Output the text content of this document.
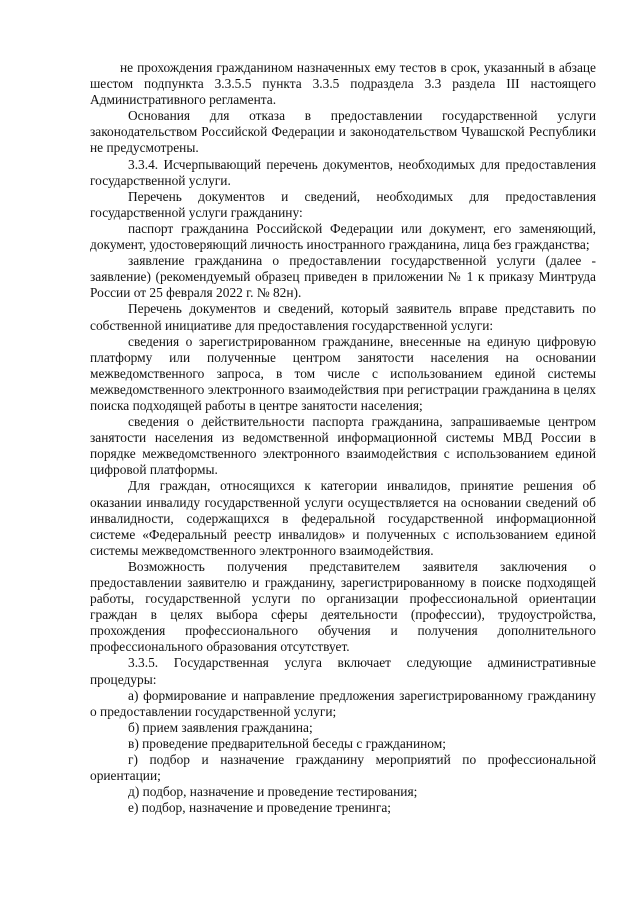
не прохождения гражданином назначенных ему тестов в срок, указанный в абзаце шестом подпункта 3.3.5.5 пункта 3.3.5 подраздела 3.3 раздела III настоящего Административного регламента.

Основания для отказа в предоставлении государственной услуги законодательством Российской Федерации и законодательством Чувашской Республики не предусмотрены.

3.3.4. Исчерпывающий перечень документов, необходимых для предоставления государственной услуги.

Перечень документов и сведений, необходимых для предоставления государственной услуги гражданину:

паспорт гражданина Российской Федерации или документ, его заменяющий, документ, удостоверяющий личность иностранного гражданина, лица без гражданства;

заявление гражданина о предоставлении государственной услуги (далее - заявление) (рекомендуемый образец приведен в приложении № 1 к приказу Минтруда России от 25 февраля 2022 г. № 82н).

Перечень документов и сведений, который заявитель вправе представить по собственной инициативе для предоставления государственной услуги:

сведения о зарегистрированном гражданине, внесенные на единую цифровую платформу или полученные центром занятости населения на основании межведомственного запроса, в том числе с использованием единой системы межведомственного электронного взаимодействия при регистрации гражданина в целях поиска подходящей работы в центре занятости населения;

сведения о действительности паспорта гражданина, запрашиваемые центром занятости населения из ведомственной информационной системы МВД России в порядке межведомственного электронного взаимодействия с использованием единой цифровой платформы.

Для граждан, относящихся к категории инвалидов, принятие решения об оказании инвалиду государственной услуги осуществляется на основании сведений об инвалидности, содержащихся в федеральной государственной информационной системе «Федеральный реестр инвалидов» и полученных с использованием единой системы межведомственного электронного взаимодействия.

Возможность получения представителем заявителя заключения о предоставлении заявителю и гражданину, зарегистрированному в поиске подходящей работы, государственной услуги по организации профессиональной ориентации граждан в целях выбора сферы деятельности (профессии), трудоустройства, прохождения профессионального обучения и получения дополнительного профессионального образования отсутствует.

3.3.5. Государственная услуга включает следующие административные процедуры:

а) формирование и направление предложения зарегистрированному гражданину о предоставлении государственной услуги;

б) прием заявления гражданина;

в) проведение предварительной беседы с гражданином;

г) подбор и назначение гражданину мероприятий по профессиональной ориентации;

д) подбор, назначение и проведение тестирования;

е) подбор, назначение и проведение тренинга;
